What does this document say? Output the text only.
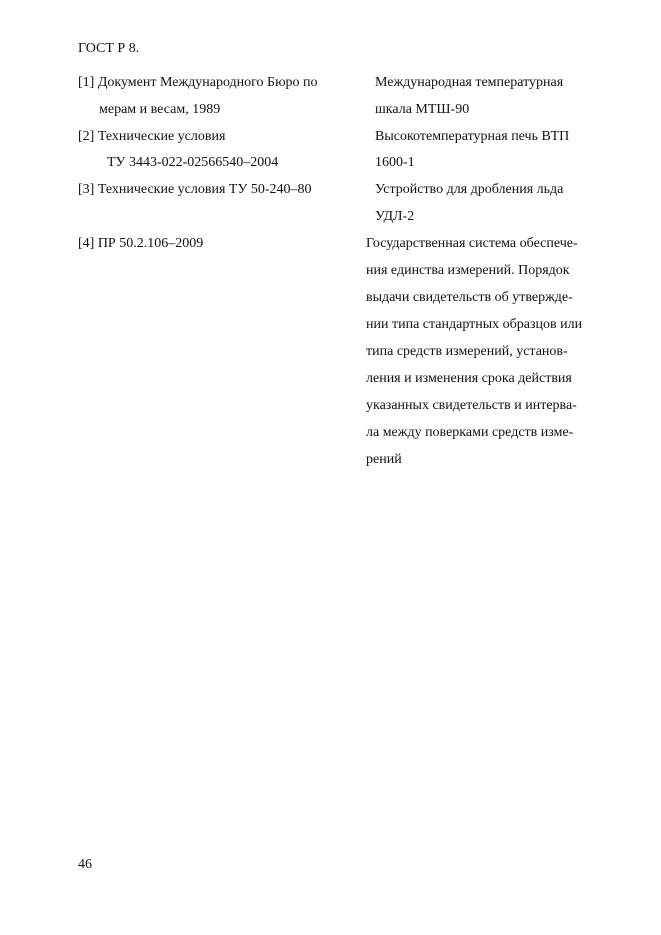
ГОСТ Р 8.
[1] Документ Международного Бюро по
мерам и весам, 1989
Международная температурная
шкала МТШ-90
[2] Технические условия
ТУ 3443-022-02566540–2004
Высокотемпературная печь ВТП
1600-1
[3] Технические условия ТУ 50-240–80	Устройство для дробления льда
УДЛ-2
[4] ПР 50.2.106–2009	Государственная система обеспече-
ния единства измерений. Порядок
выдачи свидетельств об утвержде-
нии типа стандартных образцов или
типа средств измерений, установ-
ления и изменения срока действия
указанных свидетельств и интерва-
ла между поверками средств изме-
рений
46
